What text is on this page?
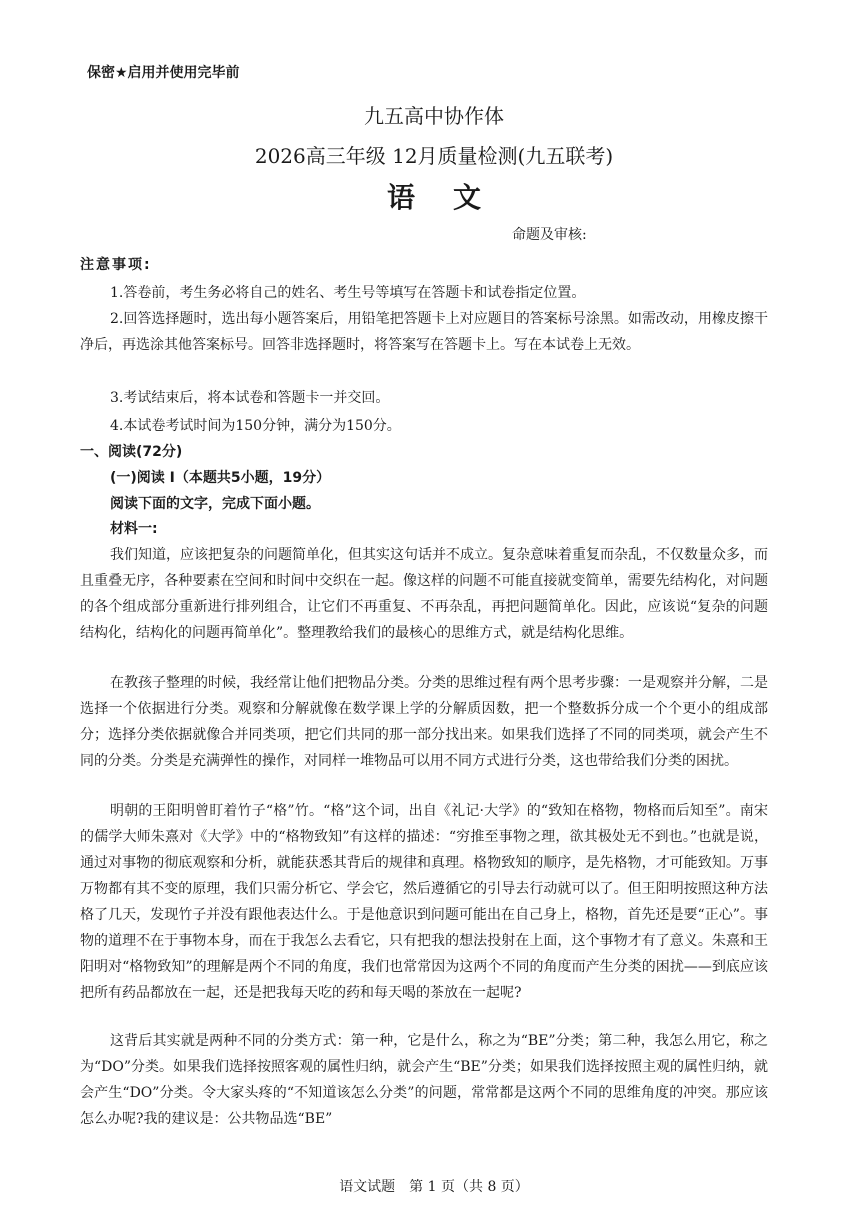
保密★启用并使用完毕前
九五高中协作体
2026高三年级 12月质量检测(九五联考)
语文
命题及审核:
注意事项:

1.答卷前，考生务必将自己的姓名、考生号等填写在答题卡和试卷指定位置。

2.回答选择题时，选出每小题答案后，用铅笔把答题卡上对应题目的答案标号涂黑。如需改动，用橡皮擦干净后，再选涂其他答案标号。回答非选择题时，将答案写在答题卡上。写在本试卷上无效。

3.考试结束后，将本试卷和答题卡一并交回。

4.本试卷考试时间为150分钟，满分为150分。

一、阅读(72分)
(一)阅读 I（本题共5小题，19分）
阅读下面的文字，完成下面小题。
材料一:

我们知道，应该把复杂的问题简单化，但其实这句话并不成立。复杂意味着重复而杂乱，不仅数量众多，而且重叠无序，各种要素在空间和时间中交织在一起。像这样的问题不可能直接就变简单，需要先结构化，对问题的各个组成部分重新进行排列组合，让它们不再重复、不再杂乱，再把问题简单化。因此，应该说“复杂的问题结构化，结构化的问题再简单化”。整理教给我们的最核心的思维方式，就是结构化思维。

在教孩子整理的时候，我经常让他们把物品分类。分类的思维过程有两个思考步骤：一是观察并分解，二是选择一个依据进行分类。观察和分解就像在数学课上学的分解质因数，把一个整数拆分成一个个更小的组成部分；选择分类依据就像合并同类项，把它们共同的那一部分找出来。如果我们选择了不同的同类项，就会产生不同的分类。分类是充满弹性的操作，对同样一堆物品可以用不同方式进行分类，这也带给我们分类的困扰。

明朝的王阳明曾盯着竹子“格”竹。“格”这个词，出自《礼记·大学》的“致知在格物，物格而后知至”。南宋的儒学大师朱熹对《大学》中的“格物致知”有这样的描述：“穷推至事物之理，欲其极处无不到也。”也就是说，通过对事物的彻底观察和分析，就能获悉其背后的规律和真理。格物致知的顺序，是先格物，才可能致知。万事万物都有其不变的原理，我们只需分析它、学会它，然后遵循它的引导去行动就可以了。但王阳明按照这种方法格了几天，发现竹子并没有跟他表达什么。于是他意识到问题可能出在自己身上，格物，首先还是要“正心”。事物的道理不在于事物本身，而在于我怎么去看它，只有把我的想法投射在上面，这个事物才有了意义。朱熹和王阳明对“格物致知”的理解是两个不同的角度，我们也常常因为这两个不同的角度而产生分类的困扰——到底应该把所有药品都放在一起，还是把我每天吃的药和每天喝的茶放在一起呢?

这背后其实就是两种不同的分类方式：第一种，它是什么，称之为“BE”分类；第二种，我怎么用它，称之为“DO”分类。如果我们选择按照客观的属性归纳，就会产生“BE”分类；如果我们选择按照主观的属性归纳，就会产生“DO”分类。令大家头疼的“不知道该怎么分类”的问题，常常都是这两个不同的思维角度的冲突。那应该怎么办呢?我的建议是：公共物品选“BE”

语文试题　第 1 页（共 8 页）
